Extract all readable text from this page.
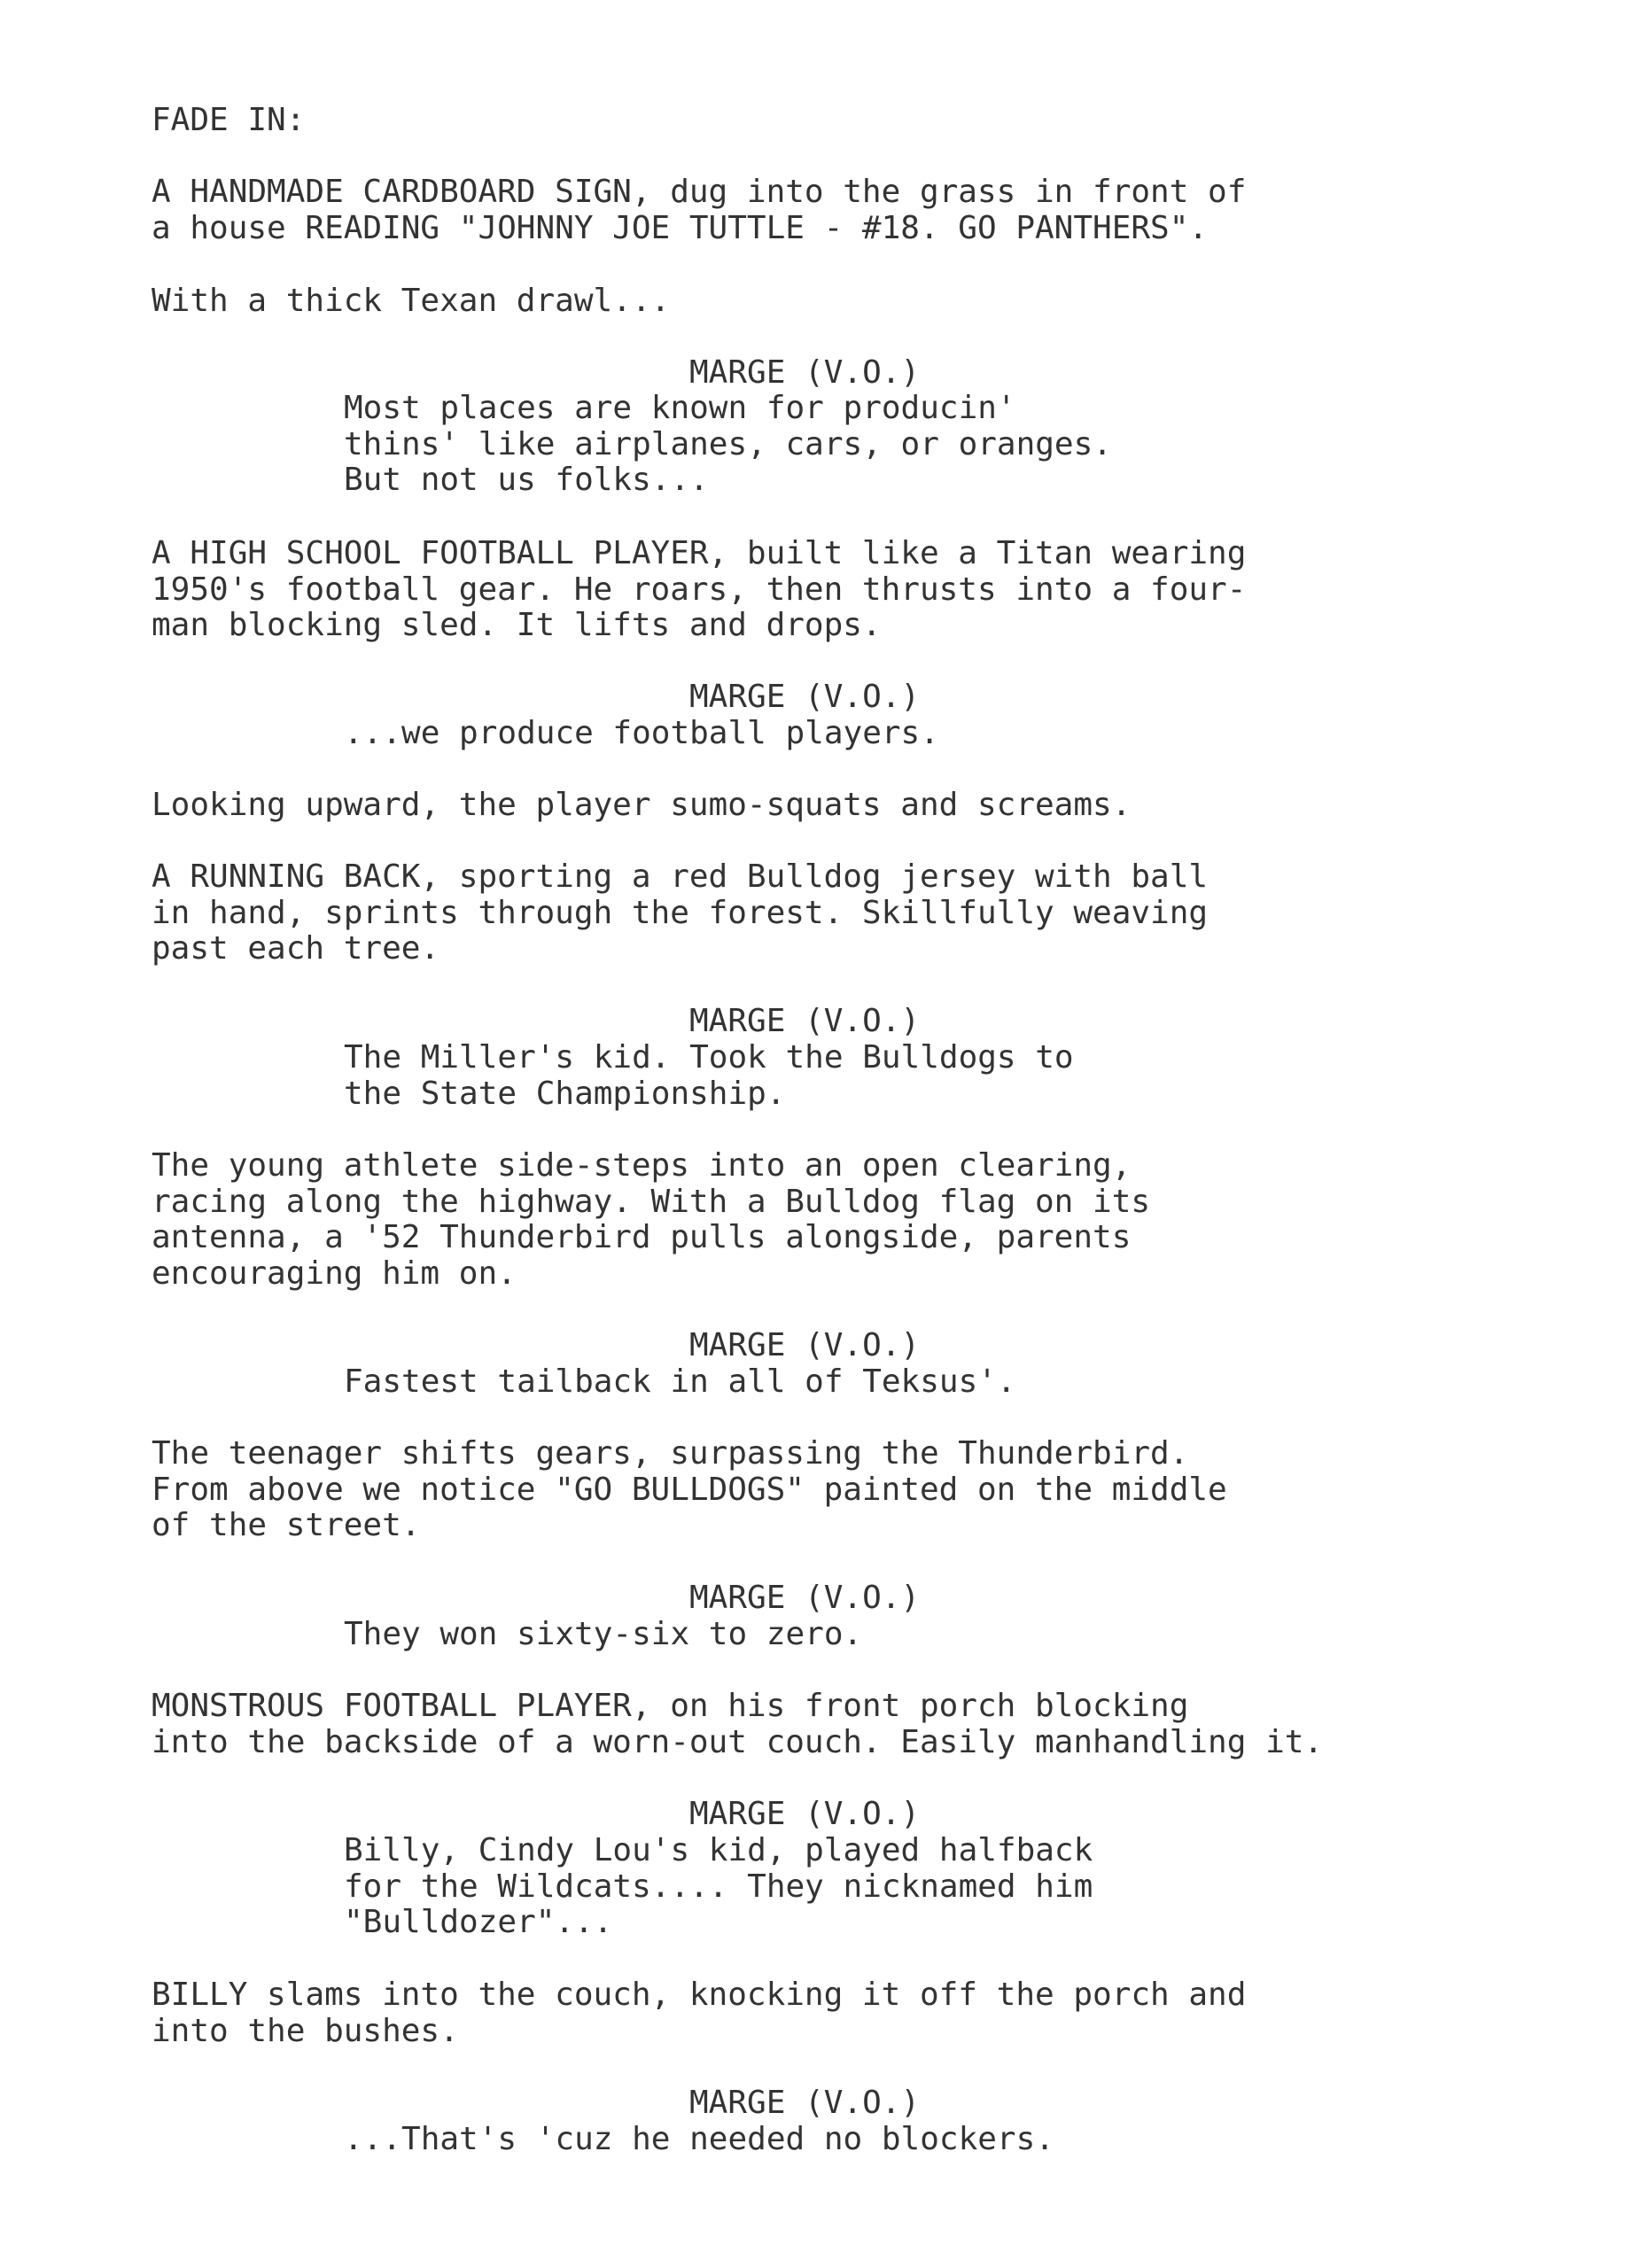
FADE IN:
A HANDMADE CARDBOARD SIGN, dug into the grass in front of
a house READING "JOHNNY JOE TUTTLE - #18. GO PANTHERS".
With a thick Texan drawl...
MARGE (V.O.)
Most places are known for producin'
thins' like airplanes, cars, or oranges.
But not us folks...
A HIGH SCHOOL FOOTBALL PLAYER, built like a Titan wearing
1950's football gear. He roars, then thrusts into a four-
man blocking sled. It lifts and drops.
MARGE (V.O.)
...we produce football players.
Looking upward, the player sumo-squats and screams.
A RUNNING BACK, sporting a red Bulldog jersey with ball
in hand, sprints through the forest. Skillfully weaving
past each tree.
MARGE (V.O.)
The Miller's kid. Took the Bulldogs to
the State Championship.
The young athlete side-steps into an open clearing,
racing along the highway. With a Bulldog flag on its
antenna, a '52 Thunderbird pulls alongside, parents
encouraging him on.
MARGE (V.O.)
Fastest tailback in all of Teksus'.
The teenager shifts gears, surpassing the Thunderbird.
From above we notice "GO BULLDOGS" painted on the middle
of the street.
MARGE (V.O.)
They won sixty-six to zero.
MONSTROUS FOOTBALL PLAYER, on his front porch blocking
into the backside of a worn-out couch. Easily manhandling it.
MARGE (V.O.)
Billy, Cindy Lou's kid, played halfback
for the Wildcats.... They nicknamed him
"Bulldozer"...
BILLY slams into the couch, knocking it off the porch and
into the bushes.
MARGE (V.O.)
...That's 'cuz he needed no blockers.
